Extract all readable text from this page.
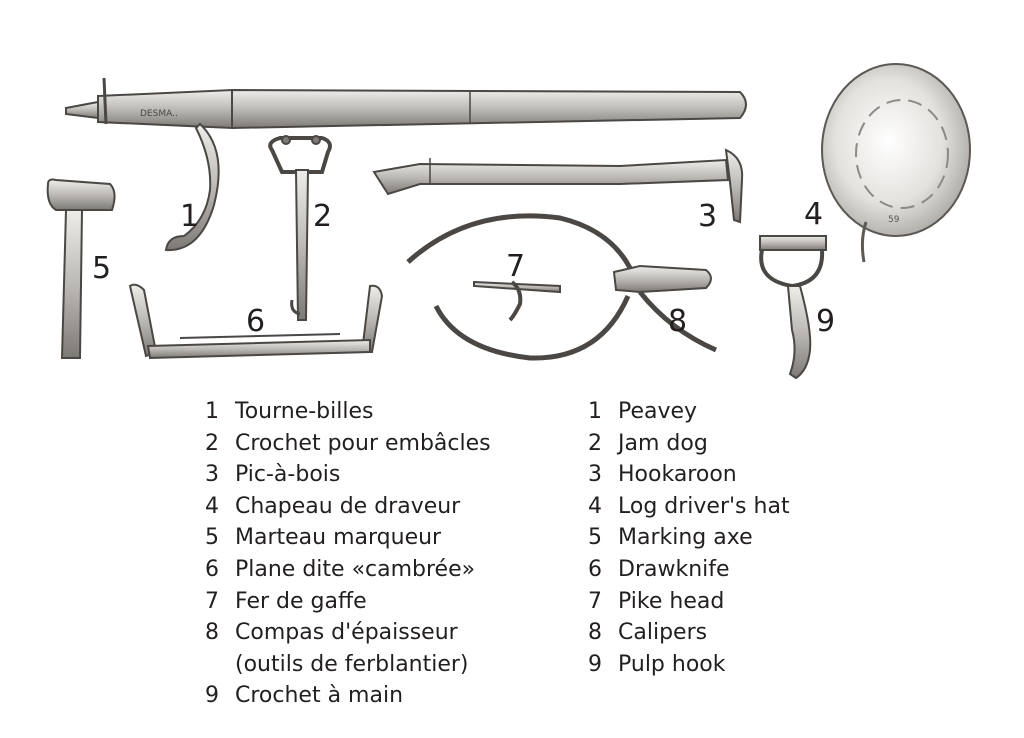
DESMA..
59
1	2	3	4
5
6
7
8	9
1 Tourne-billes
2 Crochet pour embâcles
3 Pic-à-bois
4 Chapeau de draveur
5 Marteau marqueur
6 Plane dite «cambrée»
7 Fer de gaffe
8 Compas d'épaisseur
(outils de ferblantier)
9 Crochet à main
1 Peavey
2 Jam dog
3 Hookaroon
4 Log driver's hat
5 Marking axe
6 Drawknife
7 Pike head
8 Calipers
9 Pulp hook
